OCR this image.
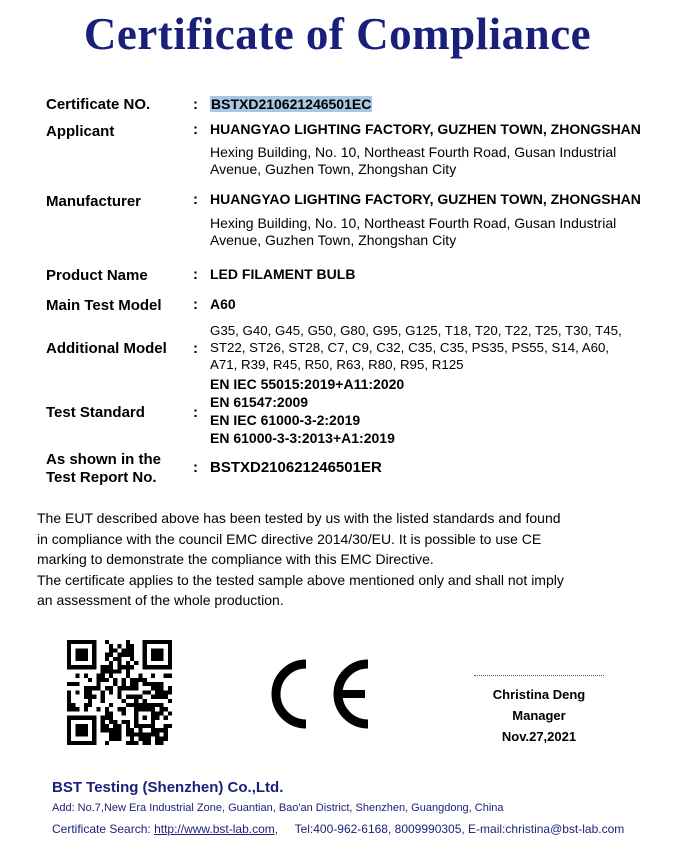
Certificate of Compliance
Certificate NO.	: BSTXD210621246501EC
Applicant	: HUANGYAO LIGHTING FACTORY, GUZHEN TOWN, ZHONGSHAN
Hexing Building, No. 10, Northeast Fourth Road, Gusan Industrial
Avenue, Guzhen Town, Zhongshan City
Manufacturer	: HUANGYAO LIGHTING FACTORY, GUZHEN TOWN, ZHONGSHAN
Hexing Building, No. 10, Northeast Fourth Road, Gusan Industrial
Avenue, Guzhen Town, Zhongshan City
Product Name	: LED FILAMENT BULB
Main Test Model : A60
Additional Model :
G35, G40, G45, G50, G80, G95, G125, T18, T20, T22, T25, T30, T45,
ST22, ST26, ST28, C7, C9, C32, C35, C35, PS35, PS55, S14, A60,
A71, R39, R45, R50, R63, R80, R95, R125
Test Standard	:
EN IEC 55015:2019+A11:2020
EN 61547:2009
EN IEC 61000-3-2:2019
EN 61000-3-3:2013+A1:2019
As shown in the
Test Report No.
: BSTXD210621246501ER

The EUT described above has been tested by us with the listed standards and found

in compliance with the council EMC directive 2014/30/EU. It is possible to use CE

marking to demonstrate the compliance with this EMC Directive.

The certificate applies to the tested sample above mentioned only and shall not imply

an assessment of the whole production.

Christina Deng
Manager
Nov.27,2021
BST Testing (Shenzhen) Co.,Ltd.
Add: No.7,New Era Industrial Zone, Guantian, Bao'an District, Shenzhen, Guangdong, China
Certificate Search: http://www.bst-lab.com, Tel:400-962-6168, 8009990305, E-mail:christina@bst-lab.com
